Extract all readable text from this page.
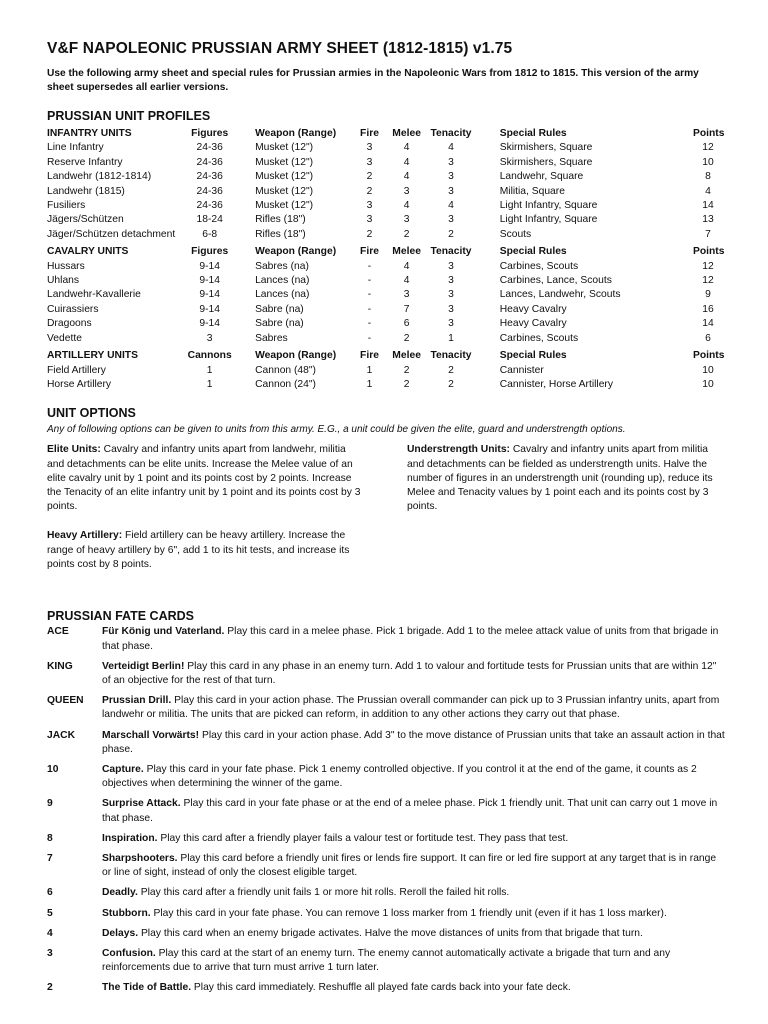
V&F NAPOLEONIC PRUSSIAN ARMY SHEET (1812-1815) v1.75
Use the following army sheet and special rules for Prussian armies in the Napoleonic Wars from 1812 to 1815. This version of the army sheet supersedes all earlier versions.
PRUSSIAN UNIT PROFILES
INFANTRY UNITS	Figures	Weapon (Range)	Fire	Melee	Tenacity	Special Rules	Points
Line Infantry	24-36	Musket (12")	3	4	4	Skirmishers, Square	12
Reserve Infantry	24-36	Musket (12")	3	4	3	Skirmishers, Square	10
Landwehr (1812-1814)	24-36	Musket (12")	2	4	3	Landwehr, Square	8
Landwehr (1815)	24-36	Musket (12")	2	3	3	Militia, Square	4
Fusiliers	24-36	Musket (12")	3	4	4	Light Infantry, Square	14
Jägers/Schützen	18-24	Rifles (18")	3	3	3	Light Infantry, Square	13
Jäger/Schützen detachment	6-8	Rifles (18")	2	2	2	Scouts	7
CAVALRY UNITS	Figures	Weapon (Range)	Fire	Melee	Tenacity	Special Rules	Points
Hussars	9-14	Sabres (na)	-	4	3	Carbines, Scouts	12
Uhlans	9-14	Lances (na)	-	4	3	Carbines, Lance, Scouts	12
Landwehr-Kavallerie	9-14	Lances (na)	-	3	3	Lances, Landwehr, Scouts	9
Cuirassiers	9-14	Sabre (na)	-	7	3	Heavy Cavalry	16
Dragoons	9-14	Sabre (na)	-	6	3	Heavy Cavalry	14
Vedette	3	Sabres	-	2	1	Carbines, Scouts	6
ARTILLERY UNITS	Cannons	Weapon (Range)	Fire	Melee	Tenacity	Special Rules	Points
Field Artillery	1	Cannon (48")	1	2	2	Cannister	10
Horse Artillery	1	Cannon (24")	1	2	2	Cannister, Horse Artillery	10
UNIT OPTIONS
Any of following options can be given to units from this army. E.G., a unit could be given the elite, guard and understrength options.
Elite Units: Cavalry and infantry units apart from landwehr, militia and detachments can be elite units. Increase the Melee value of an elite cavalry unit by 1 point and its points cost by 2 points. Increase the Tenacity of an elite infantry unit by 1 point and its points cost by 3 points.
Heavy Artillery: Field artillery can be heavy artillery. Increase the range of heavy artillery by 6", add 1 to its hit tests, and increase its points cost by 8 points.
Understrength Units: Cavalry and infantry units apart from militia and detachments can be fielded as understrength units. Halve the number of figures in an understrength unit (rounding up), reduce its Melee and Tenacity values by 1 point each and its points cost by 3 points.
PRUSSIAN FATE CARDS
ACE	Für König und Vaterland. Play this card in a melee phase. Pick 1 brigade. Add 1 to the melee attack value of units from that brigade in that phase.
KING	Verteidigt Berlin! Play this card in any phase in an enemy turn. Add 1 to valour and fortitude tests for Prussian units that are within 12" of an objective for the rest of that turn.
QUEEN	Prussian Drill. Play this card in your action phase. The Prussian overall commander can pick up to 3 Prussian infantry units, apart from landwehr or militia. The units that are picked can reform, in addition to any other actions they carry out that phase.
JACK	Marschall Vorwärts! Play this card in your action phase. Add 3" to the move distance of Prussian units that take an assault action in that phase.
10	Capture. Play this card in your fate phase. Pick 1 enemy controlled objective. If you control it at the end of the game, it counts as 2 objectives when determining the winner of the game.
9	Surprise Attack. Play this card in your fate phase or at the end of a melee phase. Pick 1 friendly unit. That unit can carry out 1 move in that phase.
8	Inspiration. Play this card after a friendly player fails a valour test or fortitude test. They pass that test.
7	Sharpshooters. Play this card before a friendly unit fires or lends fire support. It can fire or led fire support at any target that is in range or line of sight, instead of only the closest eligible target.
6	Deadly. Play this card after a friendly unit fails 1 or more hit rolls. Reroll the failed hit rolls.
5	Stubborn. Play this card in your fate phase. You can remove 1 loss marker from 1 friendly unit (even if it has 1 loss marker).
4	Delays. Play this card when an enemy brigade activates. Halve the move distances of units from that brigade that turn.
3	Confusion. Play this card at the start of an enemy turn. The enemy cannot automatically activate a brigade that turn and any reinforcements due to arrive that turn must arrive 1 turn later.
2	The Tide of Battle. Play this card immediately. Reshuffle all played fate cards back into your fate deck.
